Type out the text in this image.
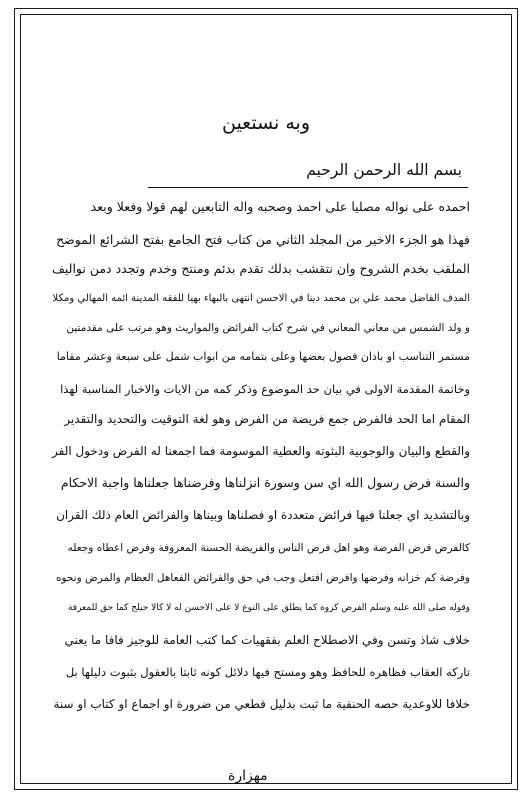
وبه نستعين
بسم الله الرحمن الرحيم
احمده على نواله مصليا على احمد وصحبه واله التابعين لهم قولا وفعلا وبعد
فهذا هو الجزء الاخير من المجلد الثاني من كتاب فتح الجامع بفتح الشرائع الموضح
الملقب بخدم الشروح وان نتقشب بدلك تقدم بدئم ومنتج وخدم وتجدد دمن نواليف
المدف الفاضل محمد علي بن محمد دينا في الاحسن انتهى بالبهاء بهيا للفقه المدينة ائمه المهالي ومكلا
و ولد الشمس من معاني المعاني في شرح كتاب الفرائض والمواريث وهو مرتب على مقدمتين
مستمر التناسب او باذان فصول بعضها وعلى بتمامه من ابواب شمل على سبعة وعشر مقاما
وخاتمة المقدمة الاولى في بيان حد الموضوع وذكر كمه من الايات والاخبار المناسبة لهذا
المقام اما الحد فالفرض جمع فريضة من الفرض وهو لغة التوقيت والتحديد والتقدير
والقطع والبيان والوجوبية البثوته والعطية الموسومة فما اجمعنا له الفرض ودخول الفر
والسنة فرض رسول الله اي سن وسورة انزلناها وفرضناها جعلناها واجبة الاحكام
وبالتشديد اي جعلنا فيها فرائض متعددة او فصلناها وبيناها والفرائض العام ذلك القران
كالفرض فرض الفرضة وهو اهل فرض الناس والفريضة الحسنة المعروفة وفرض اعطاه وجعله
وفرضة كم خزانه وفرضها وافرض افتعل وجب في حق والفرائض الفعاهل العظام والمرض ونحوه
وقوله صلى الله عليه وسلم الفرض كروه كما يطلق على النوع لا على الاحسن له لا كالا حيلج كما حق للمعرفة
خلاف شاذ وتسن وفي الاصطلاح العلم بفقهيات كما كتب العامة للوجيز فافا ما يعني
تاركه العقاب فظاهره للحافظ وهو ومستح فيها دلائل كونه ثابتا بالعقول بثبوت دليلها بل
خلافا للاوعدية حصه الحنفية ما ثبت بدليل قطعي من ضرورة او اجماع او كتاب او سنة
مهزارة
